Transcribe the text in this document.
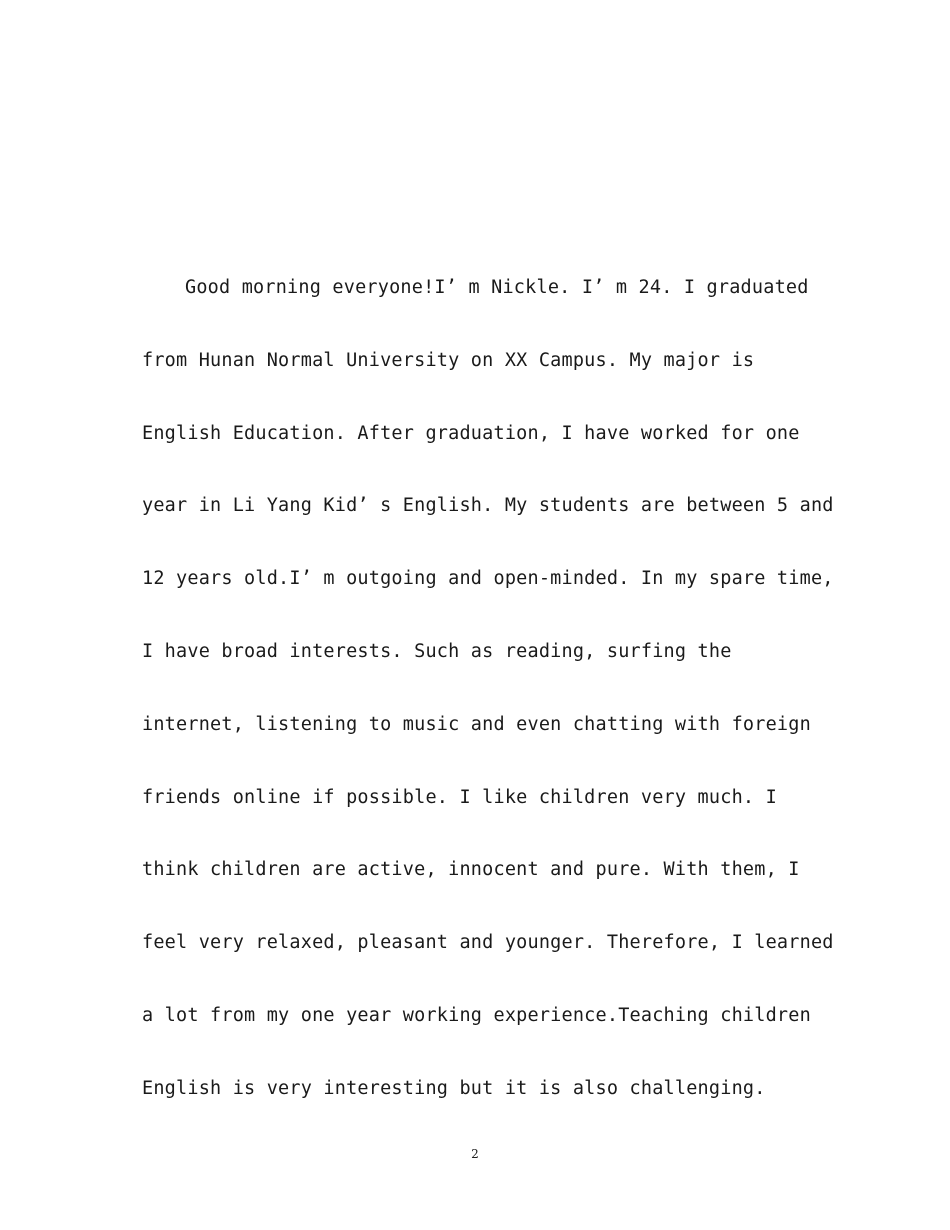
Good morning everyone!I’ m Nickle. I’ m 24. I graduated
from Hunan Normal University on XX Campus. My major is
English Education. After graduation, I have worked for one
year in Li Yang Kid’ s English. My students are between 5 and
12 years old.I’ m outgoing and open-minded. In my spare time,
I have broad interests. Such as reading, surfing the
internet, listening to music and even chatting with foreign
friends online if possible. I like children very much. I
think children are active, innocent and pure. With them, I
feel very relaxed, pleasant and younger. Therefore, I learned
a lot from my one year working experience.Teaching children
English is very interesting but it is also challenging.
2
